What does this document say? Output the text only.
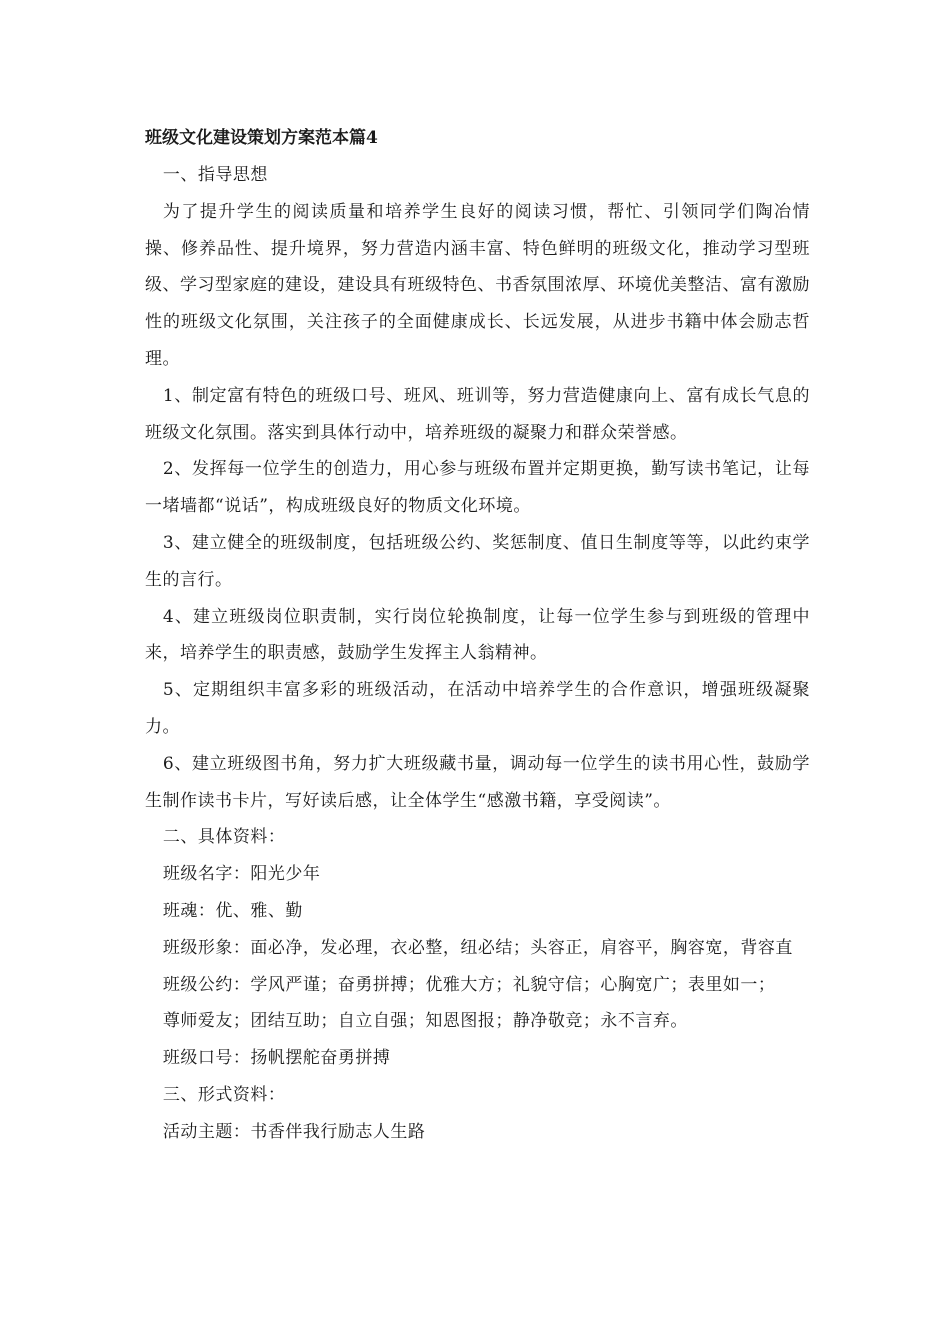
班级文化建设策划方案范本篇4

一、指导思想

为了提升学生的阅读质量和培养学生良好的阅读习惯，帮忙、引领同学们陶冶情操、修养品性、提升境界，努力营造内涵丰富、特色鲜明的班级文化，推动学习型班级、学习型家庭的建设，建设具有班级特色、书香氛围浓厚、环境优美整洁、富有激励性的班级文化氛围，关注孩子的全面健康成长、长远发展，从进步书籍中体会励志哲理。

1、制定富有特色的班级口号、班风、班训等，努力营造健康向上、富有成长气息的班级文化氛围。落实到具体行动中，培养班级的凝聚力和群众荣誉感。

2、发挥每一位学生的创造力，用心参与班级布置并定期更换，勤写读书笔记，让每一堵墙都“说话”，构成班级良好的物质文化环境。

3、建立健全的班级制度，包括班级公约、奖惩制度、值日生制度等等，以此约束学生的言行。

4、建立班级岗位职责制，实行岗位轮换制度，让每一位学生参与到班级的管理中来，培养学生的职责感，鼓励学生发挥主人翁精神。

5、定期组织丰富多彩的班级活动，在活动中培养学生的合作意识，增强班级凝聚力。

6、建立班级图书角，努力扩大班级藏书量，调动每一位学生的读书用心性，鼓励学生制作读书卡片，写好读后感，让全体学生“感激书籍，享受阅读”。

二、具体资料：

班级名字：阳光少年

班魂：优、雅、勤

班级形象：面必净，发必理，衣必整，纽必结；头容正，肩容平，胸容宽，背容直

班级公约：学风严谨；奋勇拼搏；优雅大方；礼貌守信；心胸宽广；表里如一；

尊师爱友；团结互助；自立自强；知恩图报；静净敬竞；永不言弃。

班级口号：扬帆摆舵奋勇拼搏

三、形式资料：

活动主题：书香伴我行励志人生路
